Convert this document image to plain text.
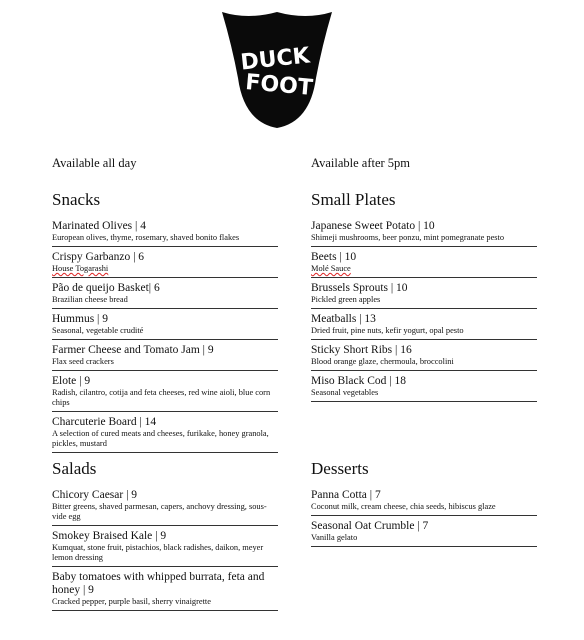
DUCK
FOOT
Available all day	Available after 5pm
Snacks
Marinated Olives | 4
European olives, thyme, rosemary, shaved bonito flakes
Crispy Garbanzo | 6
House Togarashi
Pão de queijo Basket| 6
Brazilian cheese bread
Hummus | 9
Seasonal, vegetable crudité
Farmer Cheese and Tomato Jam | 9
Flax seed crackers
Elote | 9
Radish, cilantro, cotija and feta cheeses, red wine aioli, blue corn chips
Charcuterie Board | 14
A selection of cured meats and cheeses, furikake, honey granola, pickles, mustard
Small Plates
Japanese Sweet Potato | 10
Shimeji mushrooms, beer ponzu, mint pomegranate pesto
Beets | 10
Molé Sauce
Brussels Sprouts | 10
Pickled green apples
Meatballs | 13
Dried fruit, pine nuts, kefir yogurt, opal pesto
Sticky Short Ribs | 16
Blood orange glaze, chermoula, broccolini
Miso Black Cod | 18
Seasonal vegetables
Salads
Chicory Caesar | 9
Bitter greens, shaved parmesan, capers, anchovy dressing, sous-vide egg
Smokey Braised Kale | 9
Kumquat, stone fruit, pistachios, black radishes, daikon, meyer lemon dressing
Baby tomatoes with whipped burrata, feta and honey | 9
Cracked pepper, purple basil, sherry vinaigrette
Desserts
Panna Cotta | 7
Coconut milk, cream cheese, chia seeds, hibiscus glaze
Seasonal Oat Crumble | 7
Vanilla gelato
